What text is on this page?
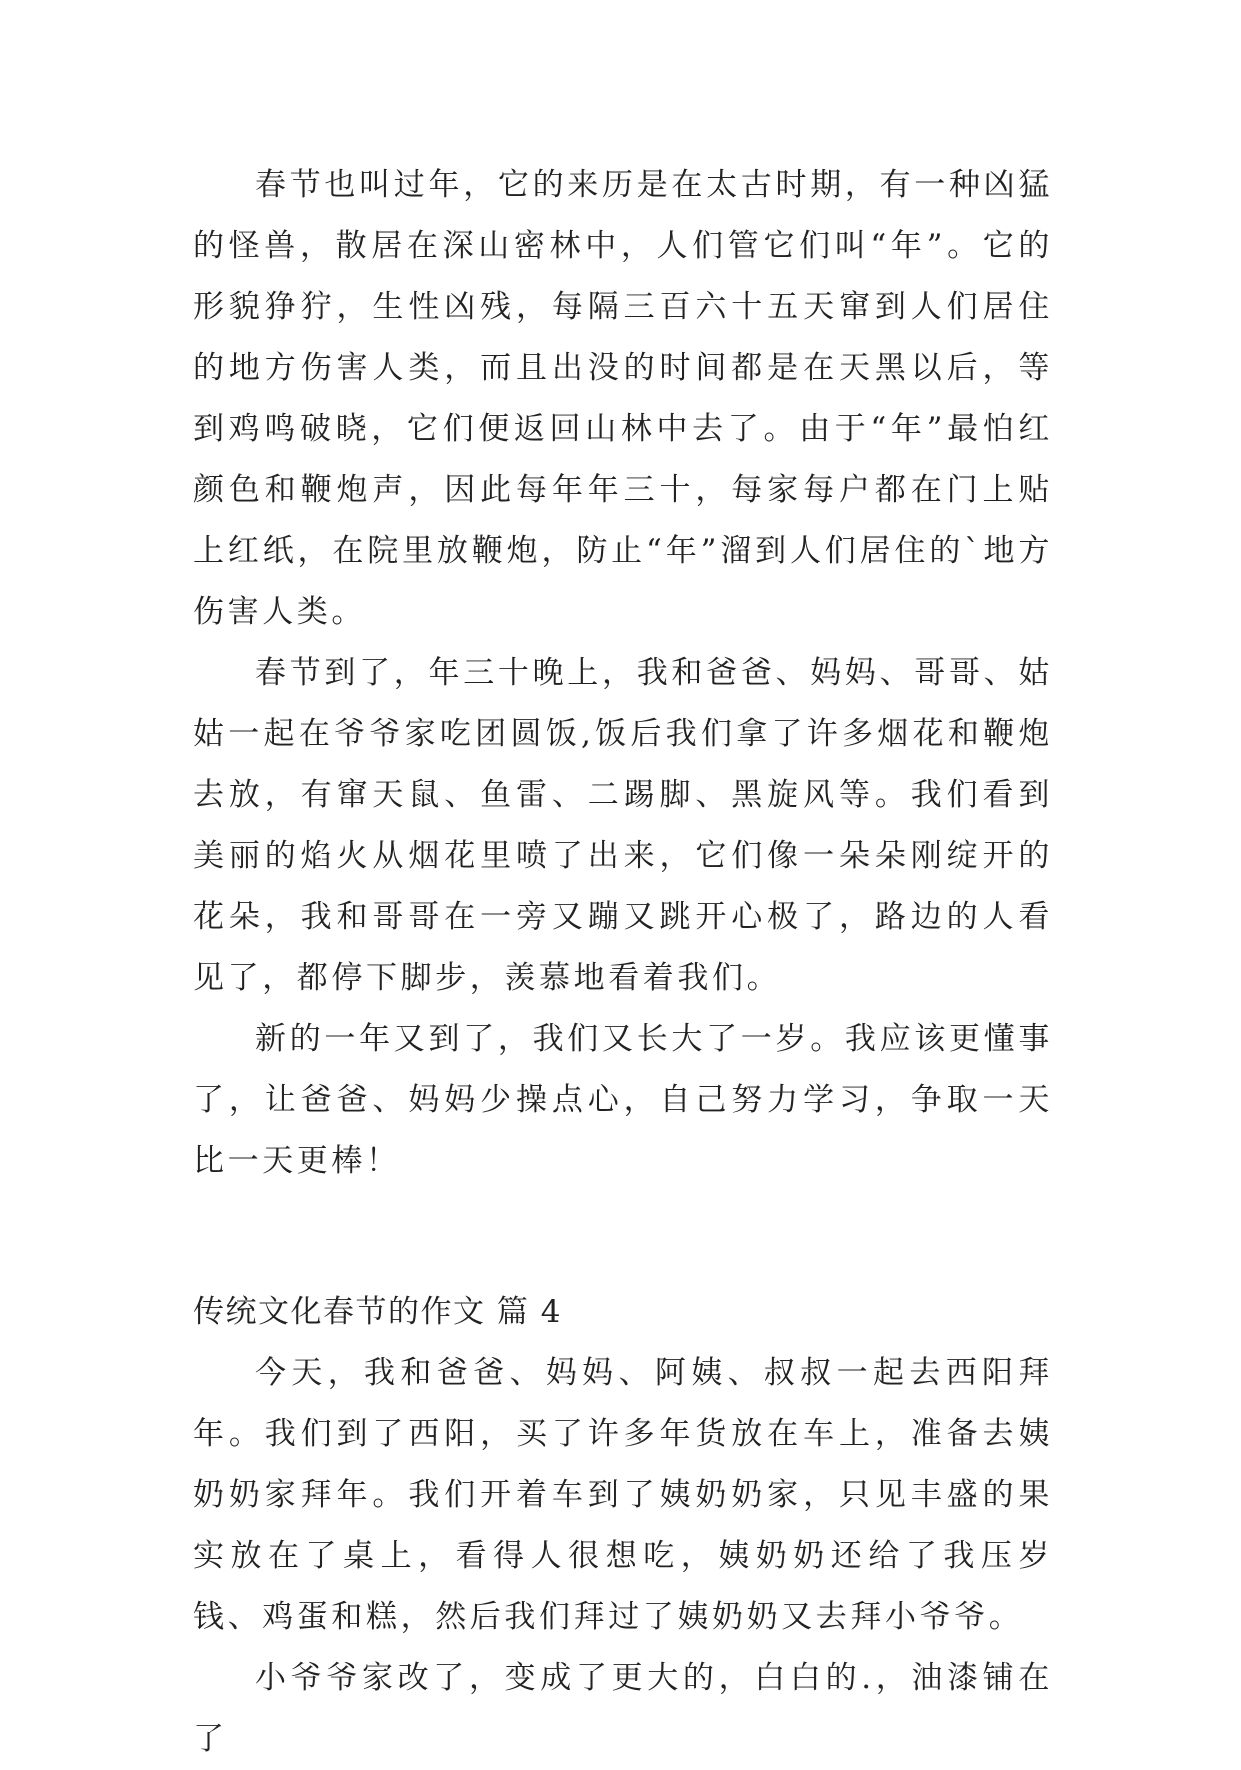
春节也叫过年，它的来历是在太古时期，有一种凶猛的怪兽，散居在深山密林中，人们管它们叫“年”。它的形貌狰狞，生性凶残，每隔三百六十五天窜到人们居住的地方伤害人类，而且出没的时间都是在天黑以后，等到鸡鸣破晓，它们便返回山林中去了。由于“年”最怕红颜色和鞭炮声，因此每年年三十，每家每户都在门上贴上红纸，在院里放鞭炮，防止“年”溜到人们居住的`地方伤害人类。

春节到了，年三十晚上，我和爸爸、妈妈、哥哥、姑姑一起在爷爷家吃团圆饭,饭后我们拿了许多烟花和鞭炮去放，有窜天鼠、鱼雷、二踢脚、黑旋风等。我们看到美丽的焰火从烟花里喷了出来，它们像一朵朵刚绽开的花朵，我和哥哥在一旁又蹦又跳开心极了，路边的人看见了，都停下脚步，羡慕地看着我们。

新的一年又到了，我们又长大了一岁。我应该更懂事了，让爸爸、妈妈少操点心，自己努力学习，争取一天比一天更棒！

传统文化春节的作文 篇 4

今天，我和爸爸、妈妈、阿姨、叔叔一起去西阳拜年。我们到了西阳，买了许多年货放在车上，准备去姨奶奶家拜年。我们开着车到了姨奶奶家，只见丰盛的果实放在了桌上，看得人很想吃，姨奶奶还给了我压岁钱、鸡蛋和糕，然后我们拜过了姨奶奶又去拜小爷爷。

小爷爷家改了，变成了更大的，白白的.，油漆铺在了
